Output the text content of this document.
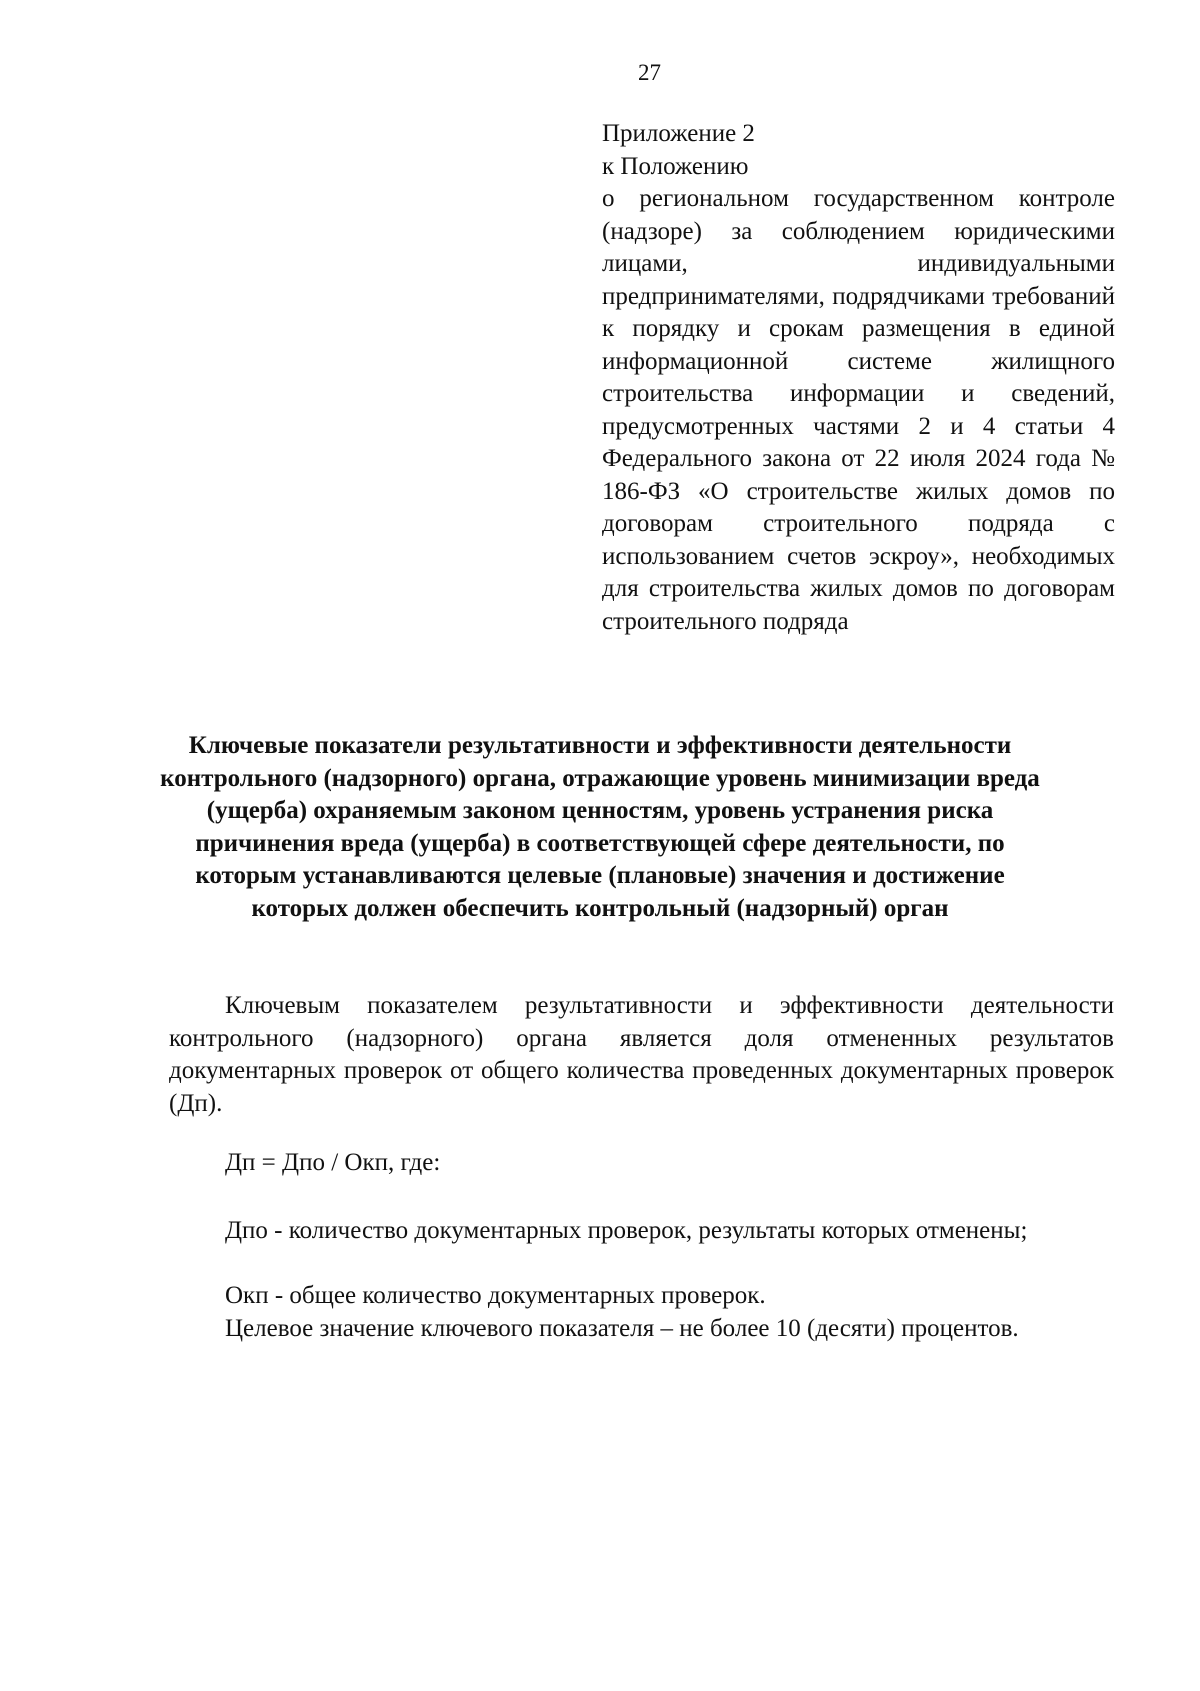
27
Приложение 2
к Положению
о региональном государственном контроле (надзоре) за соблюдением юридическими лицами, индивидуальными предпринимателями, подрядчиками требований к порядку и срокам размещения в единой информационной системе жилищного строительства информации и сведений, предусмотренных частями 2 и 4 статьи 4 Федерального закона от 22 июля 2024 года № 186-ФЗ «О строительстве жилых домов по договорам строительного подряда с использованием счетов эскроу», необходимых для строительства жилых домов по договорам строительного подряда
Ключевые показатели результативности и эффективности деятельности контрольного (надзорного) органа, отражающие уровень минимизации вреда (ущерба) охраняемым законом ценностям, уровень устранения риска причинения вреда (ущерба) в соответствующей сфере деятельности, по которым устанавливаются целевые (плановые) значения и достижение которых должен обеспечить контрольный (надзорный) орган
Ключевым показателем результативности и эффективности деятельности контрольного (надзорного) органа является доля отмененных результатов документарных проверок от общего количества проведенных документарных проверок (Дп).
Дп = Дпо / Окп, где:
Дпо - количество документарных проверок, результаты которых отменены;
Окп - общее количество документарных проверок.
Целевое значение ключевого показателя – не более 10 (десяти) процентов.
